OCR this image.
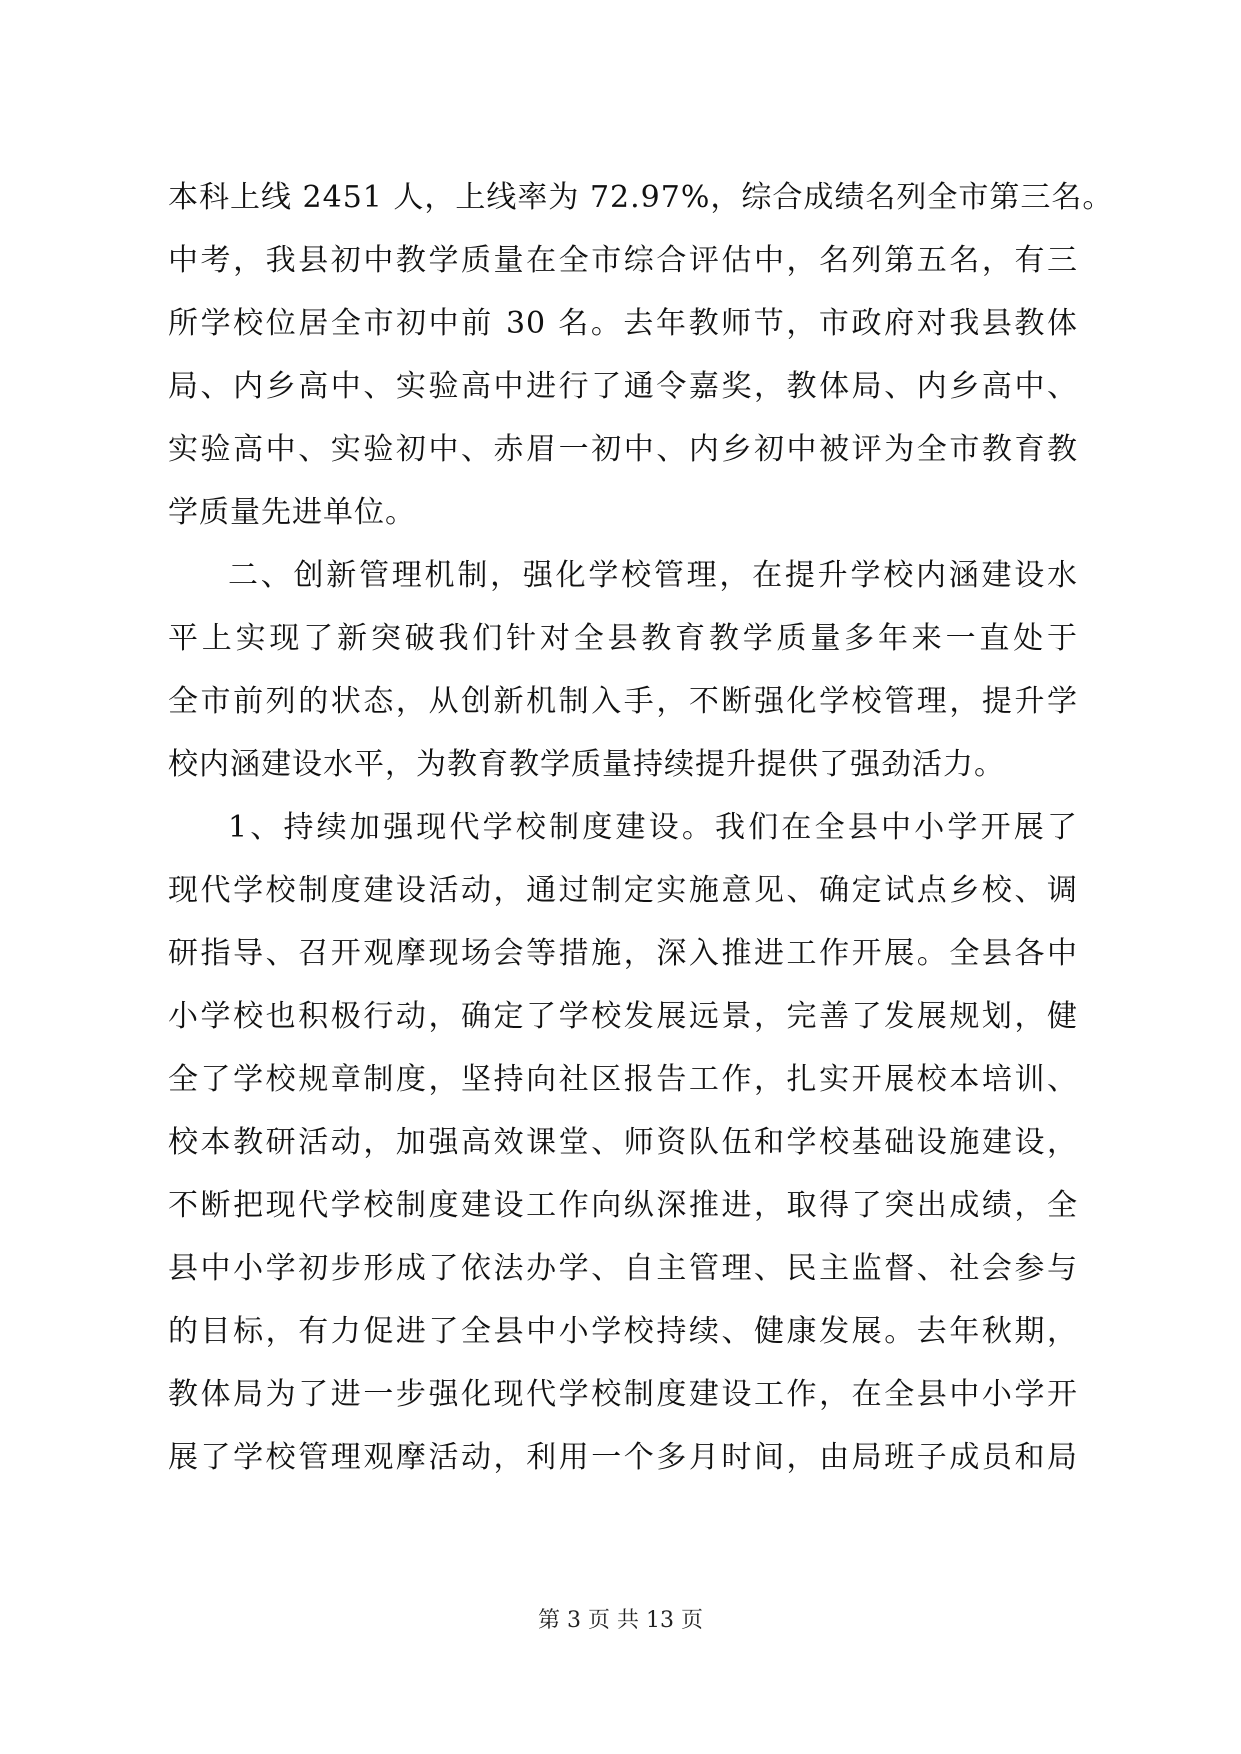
本科上线 2451 人，上线率为 72.97%，综合成绩名列全市第三名。
中考，我县初中教学质量在全市综合评估中，名列第五名，有三
所学校位居全市初中前 30 名。去年教师节，市政府对我县教体
局、内乡高中、实验高中进行了通令嘉奖，教体局、内乡高中、
实验高中、实验初中、赤眉一初中、内乡初中被评为全市教育教
学质量先进单位。
二、创新管理机制，强化学校管理，在提升学校内涵建设水
平上实现了新突破我们针对全县教育教学质量多年来一直处于
全市前列的状态，从创新机制入手，不断强化学校管理，提升学
校内涵建设水平，为教育教学质量持续提升提供了强劲活力。
1、持续加强现代学校制度建设。我们在全县中小学开展了
现代学校制度建设活动，通过制定实施意见、确定试点乡校、调
研指导、召开观摩现场会等措施，深入推进工作开展。全县各中
小学校也积极行动，确定了学校发展远景，完善了发展规划，健
全了学校规章制度，坚持向社区报告工作，扎实开展校本培训、
校本教研活动，加强高效课堂、师资队伍和学校基础设施建设，
不断把现代学校制度建设工作向纵深推进，取得了突出成绩，全
县中小学初步形成了依法办学、自主管理、民主监督、社会参与
的目标，有力促进了全县中小学校持续、健康发展。去年秋期，
教体局为了进一步强化现代学校制度建设工作，在全县中小学开
展了学校管理观摩活动，利用一个多月时间，由局班子成员和局
第 3 页 共 13 页
